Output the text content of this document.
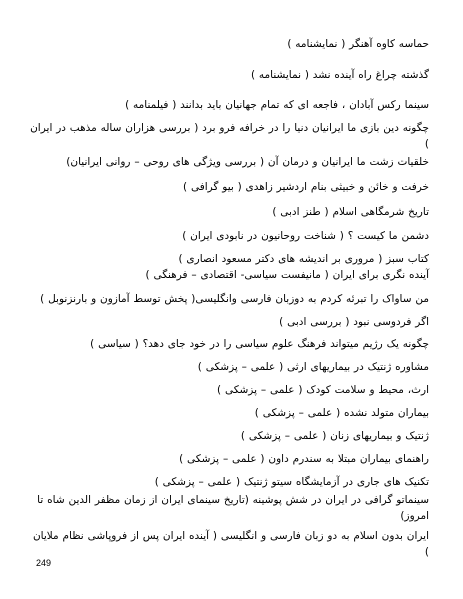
حماسه کاوه آهنگر ( نمایشنامه )
گذشته چراغ راه آینده نشد ( نمایشنامه )
سینما رکس آبادان ، فاجعه ای که تمام جهانیان باید بدانند ( فیلمنامه )
چگونه دین بازی ما ایرانیان دنیا را در خرافه فرو برد ( بررسی هزاران ساله مذهب در ایران )
خلقیات زشت ما ایرانیان و درمان آن ( بررسی ویژگی های روحی – روانی ایرانیان)
خرفت و خائن و خبیثی بنام اردشیر زاهدی ( بیو گرافی )
تاریخ شرمگاهی اسلام ( طنز ادبی )
دشمن ما کیست ؟ ( شناخت روحانیون در نابودی ایران )
کتاب سبز ( مروری بر اندیشه های دکتر مسعود انصاری )
آینده نگری برای ایران ( مانیفست سیاسی- اقتصادی – فرهنگی )
من ساواک را تبرئه کردم به دوزبان فارسی وانگلیسی( پخش توسط آمازون و بارنزنوبل )
اگر فردوسی نبود ( بررسی ادبی )
چگونه یک رژیم میتواند فرهنگ علوم سیاسی را در خود جای دهد؟ ( سیاسی )
مشاوره ژنتیک در بیماریهای ارثی ( علمی – پزشکی )
ارث، محیط و سلامت کودک ( علمی – پزشکی )
بیماران متولد نشده ( علمی – پزشکی )
ژنتیک و بیماریهای زنان ( علمی – پزشکی )
راهنمای بیماران مبتلا به سندرم داون ( علمی – پزشکی )
تکنیک های جاری در آزمایشگاه سیتو ژنتیک ( علمی – پزشکی )
سینماتو گرافی در ایران در شش پوشینه (تاریخ سینمای ایران از زمان مظفر الدین شاه تا امروز)
ایران بدون اسلام به دو زبان فارسی و انگلیسی ( آینده ایران پس از فروپاشی نظام ملایان )
249
